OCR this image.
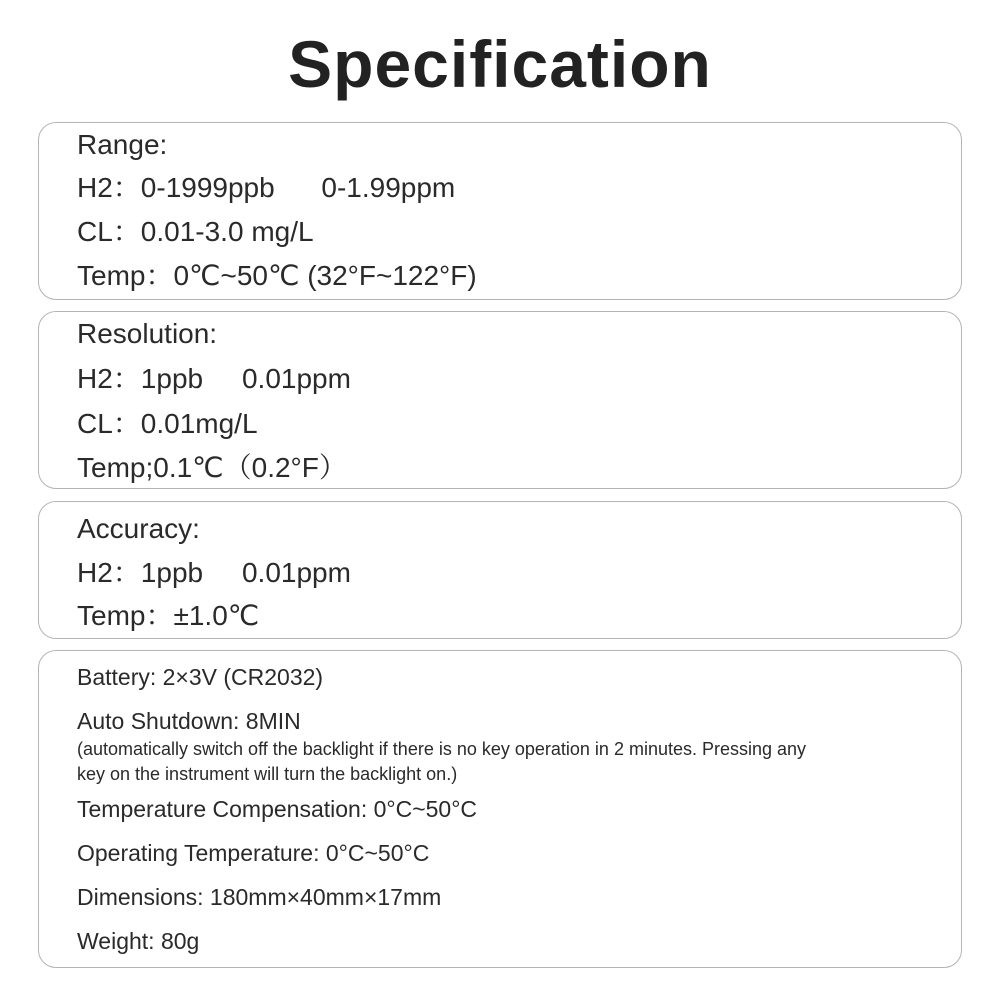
Specification
Range:
H2：0-1999ppb      0-1.99ppm
CL：0.01-3.0 mg/L
Temp：0℃~50℃ (32°F~122°F)
Resolution:
H2：1ppb     0.01ppm
CL：0.01mg/L
Temp;0.1℃（0.2°F）
Accuracy:
H2：1ppb     0.01ppm
Temp：±1.0℃
Battery: 2×3V (CR2032)
Auto Shutdown: 8MIN
(automatically switch off the backlight if there is no key operation in 2 minutes. Pressing any
key on the instrument will turn the backlight on.)
Temperature Compensation: 0°C~50°C
Operating Temperature: 0°C~50°C
Dimensions: 180mm×40mm×17mm
Weight: 80g
